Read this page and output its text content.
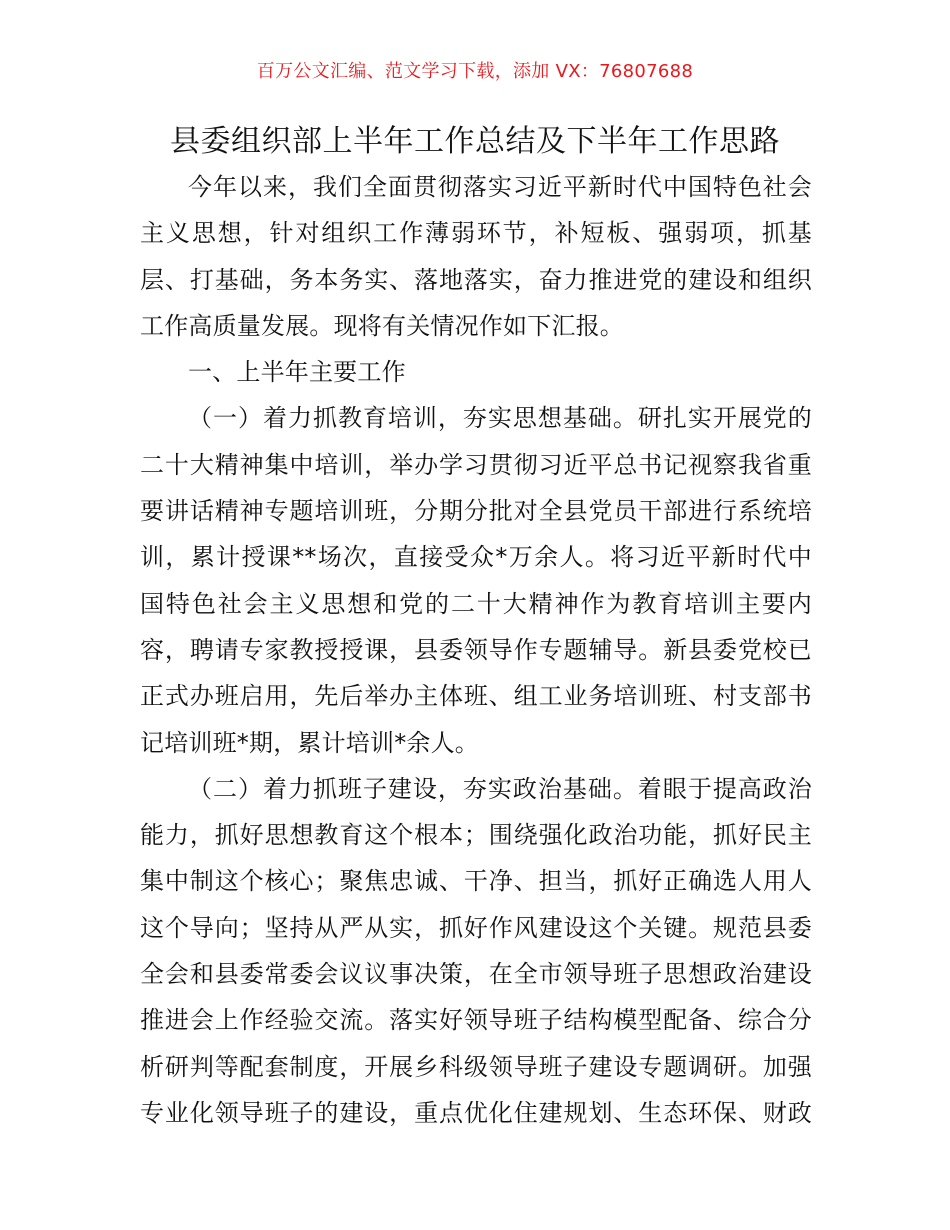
百万公文汇编、范文学习下载，添加 VX：76807688
县委组织部上半年工作总结及下半年工作思路
今年以来，我们全面贯彻落实习近平新时代中国特色社会
主义思想，针对组织工作薄弱环节，补短板、强弱项，抓基
层、打基础，务本务实、落地落实，奋力推进党的建设和组织
工作高质量发展。现将有关情况作如下汇报。
一、上半年主要工作
（一）着力抓教育培训，夯实思想基础。研扎实开展党的
二十大精神集中培训，举办学习贯彻习近平总书记视察我省重
要讲话精神专题培训班，分期分批对全县党员干部进行系统培
训，累计授课**场次，直接受众*万余人。将习近平新时代中
国特色社会主义思想和党的二十大精神作为教育培训主要内
容，聘请专家教授授课，县委领导作专题辅导。新县委党校已
正式办班启用，先后举办主体班、组工业务培训班、村支部书
记培训班*期，累计培训*余人。
（二）着力抓班子建设，夯实政治基础。着眼于提高政治
能力，抓好思想教育这个根本；围绕强化政治功能，抓好民主
集中制这个核心；聚焦忠诚、干净、担当，抓好正确选人用人
这个导向；坚持从严从实，抓好作风建设这个关键。规范县委
全会和县委常委会议议事决策，在全市领导班子思想政治建设
推进会上作经验交流。落实好领导班子结构模型配备、综合分
析研判等配套制度，开展乡科级领导班子建设专题调研。加强
专业化领导班子的建设，重点优化住建规划、生态环保、财政
